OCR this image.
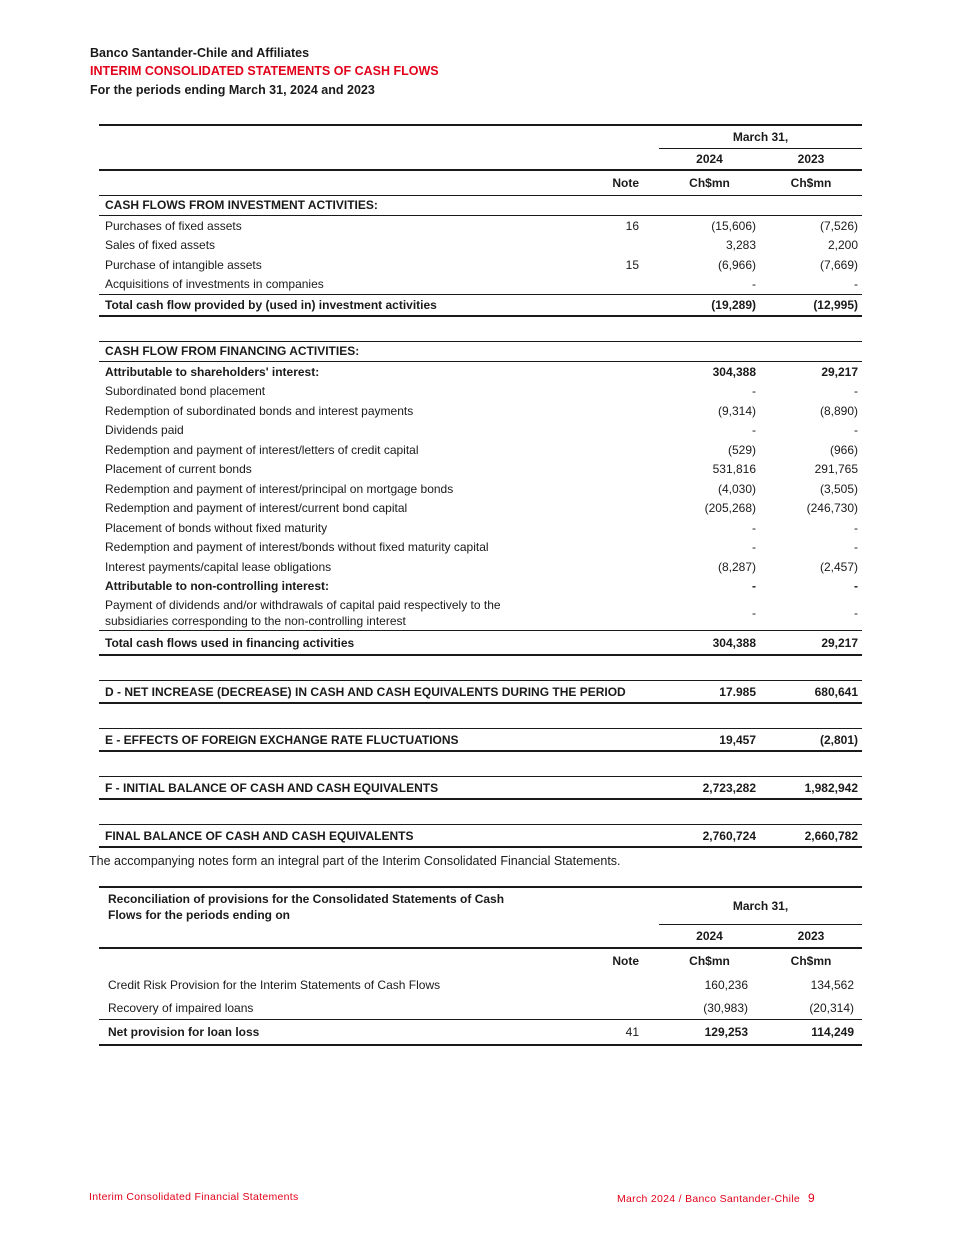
Banco Santander-Chile and Affiliates
INTERIM CONSOLIDATED STATEMENTS OF CASH FLOWS
For the periods ending March 31, 2024 and 2023
		March 31,	
		2024	2023
	Note	Ch$mn	Ch$mn
CASH FLOWS FROM INVESTMENT ACTIVITIES:			
Purchases of fixed assets	16	(15,606)	(7,526)
Sales of fixed assets		3,283	2,200
Purchase of intangible assets	15	(6,966)	(7,669)
Acquisitions of investments in companies		-	-
Total cash flow provided by (used in) investment activities		(19,289)	(12,995)

CASH FLOW FROM FINANCING ACTIVITIES:			
Attributable to shareholders' interest:		304,388	29,217
Subordinated bond placement		-	-
Redemption of subordinated bonds and interest payments		(9,314)	(8,890)
Dividends paid		-	-
Redemption and payment of interest/letters of credit capital		(529)	(966)
Placement of current bonds		531,816	291,765
Redemption and payment of interest/principal on mortgage bonds		(4,030)	(3,505)
Redemption and payment of interest/current bond capital		(205,268)	(246,730)
Placement of bonds without fixed maturity		-	-
Redemption and payment of interest/bonds without fixed maturity capital		-	-
Interest payments/capital lease obligations		(8,287)	(2,457)
Attributable to non-controlling interest:		-	-
Payment of dividends and/or withdrawals of capital paid respectively to the subsidiaries corresponding to the non-controlling interest		-	-
Total cash flows used in financing activities		304,388	29,217

D - NET INCREASE (DECREASE) IN CASH AND CASH EQUIVALENTS DURING THE PERIOD		17.985	680,641

E - EFFECTS OF FOREIGN EXCHANGE RATE FLUCTUATIONS		19,457	(2,801)

F - INITIAL BALANCE OF CASH AND CASH EQUIVALENTS		2,723,282	1,982,942

FINAL BALANCE OF CASH AND CASH EQUIVALENTS		2,760,724	2,660,782
The accompanying notes form an integral part of the Interim Consolidated Financial Statements.
Reconciliation of provisions for the Consolidated Statements of Cash Flows for the periods ending on		March 31,	

		2024	2023
	Note	Ch$mn	Ch$mn
Credit Risk Provision for the Interim Statements of Cash Flows		160,236	134,562
Recovery of impaired loans		(30,983)	(20,314)
Net provision for loan loss	41	129,253	114,249
Interim Consolidated Financial Statements	March 2024 / Banco Santander-Chile 9
